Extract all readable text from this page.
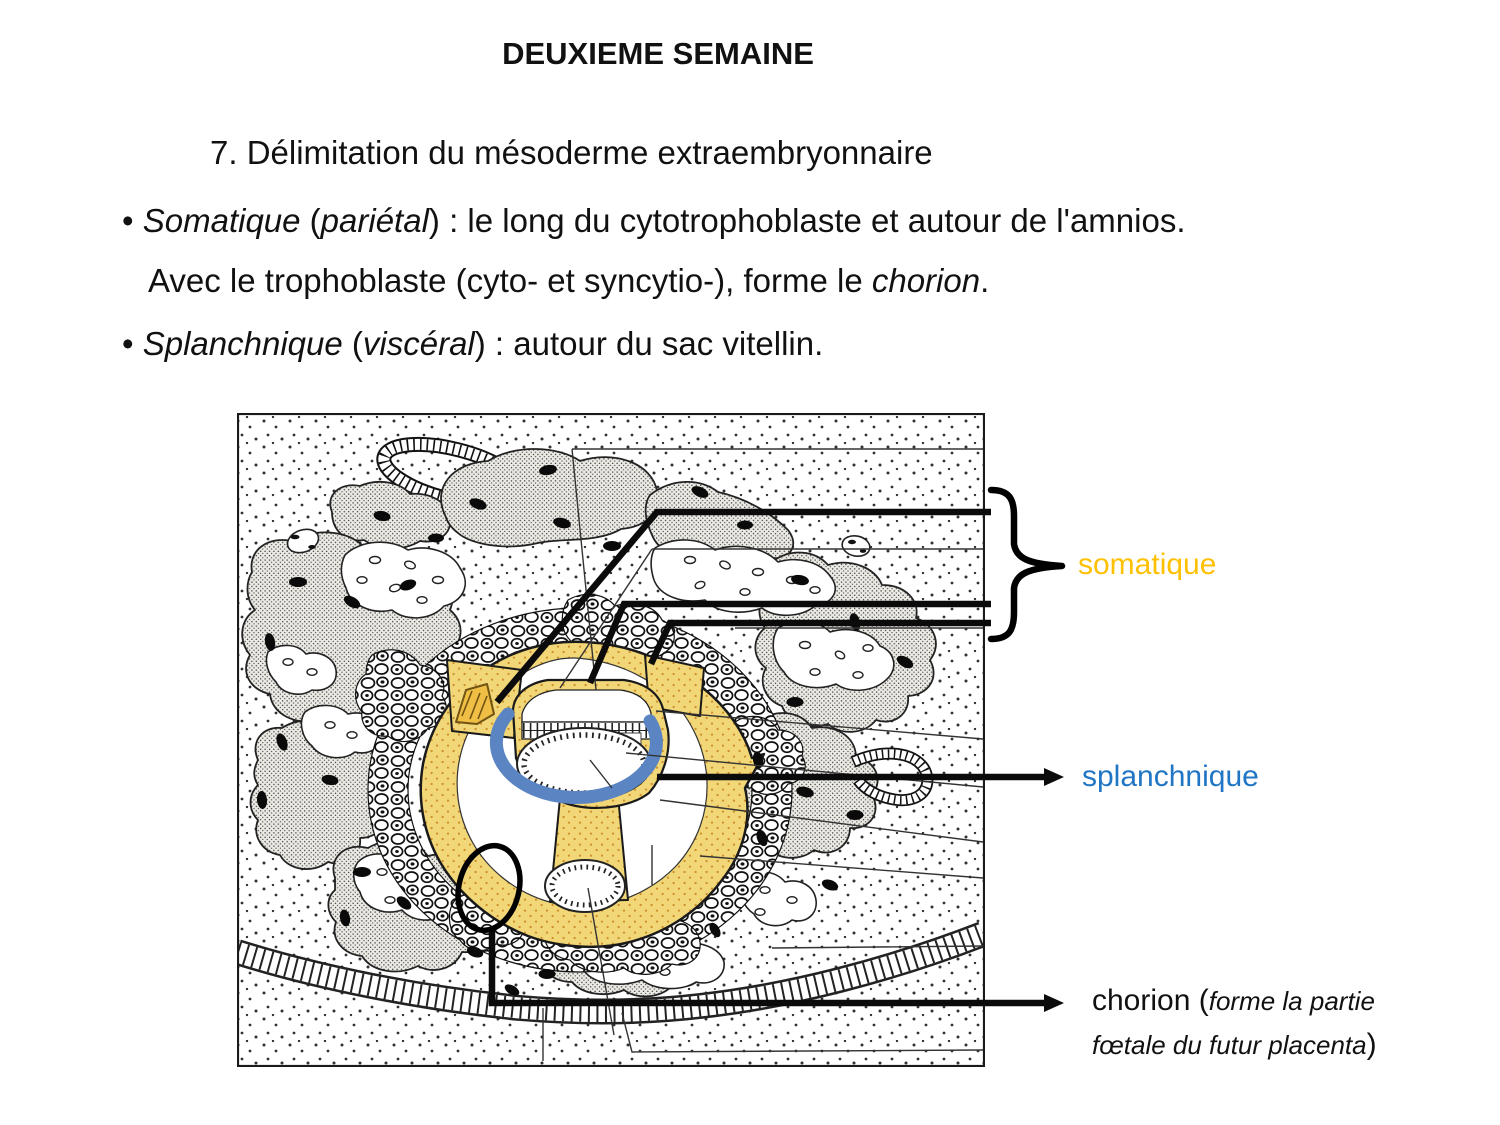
DEUXIEME SEMAINE
7. Délimitation du mésoderme extraembryonnaire
• Somatique (pariétal) : le long du cytotrophoblaste et autour de l'amnios.
Avec le trophoblaste (cyto- et syncytio-), forme le chorion.
• Splanchnique (viscéral) : autour du sac vitellin.
somatique
splanchnique
chorion (forme la partie
fœtale du futur placenta)
